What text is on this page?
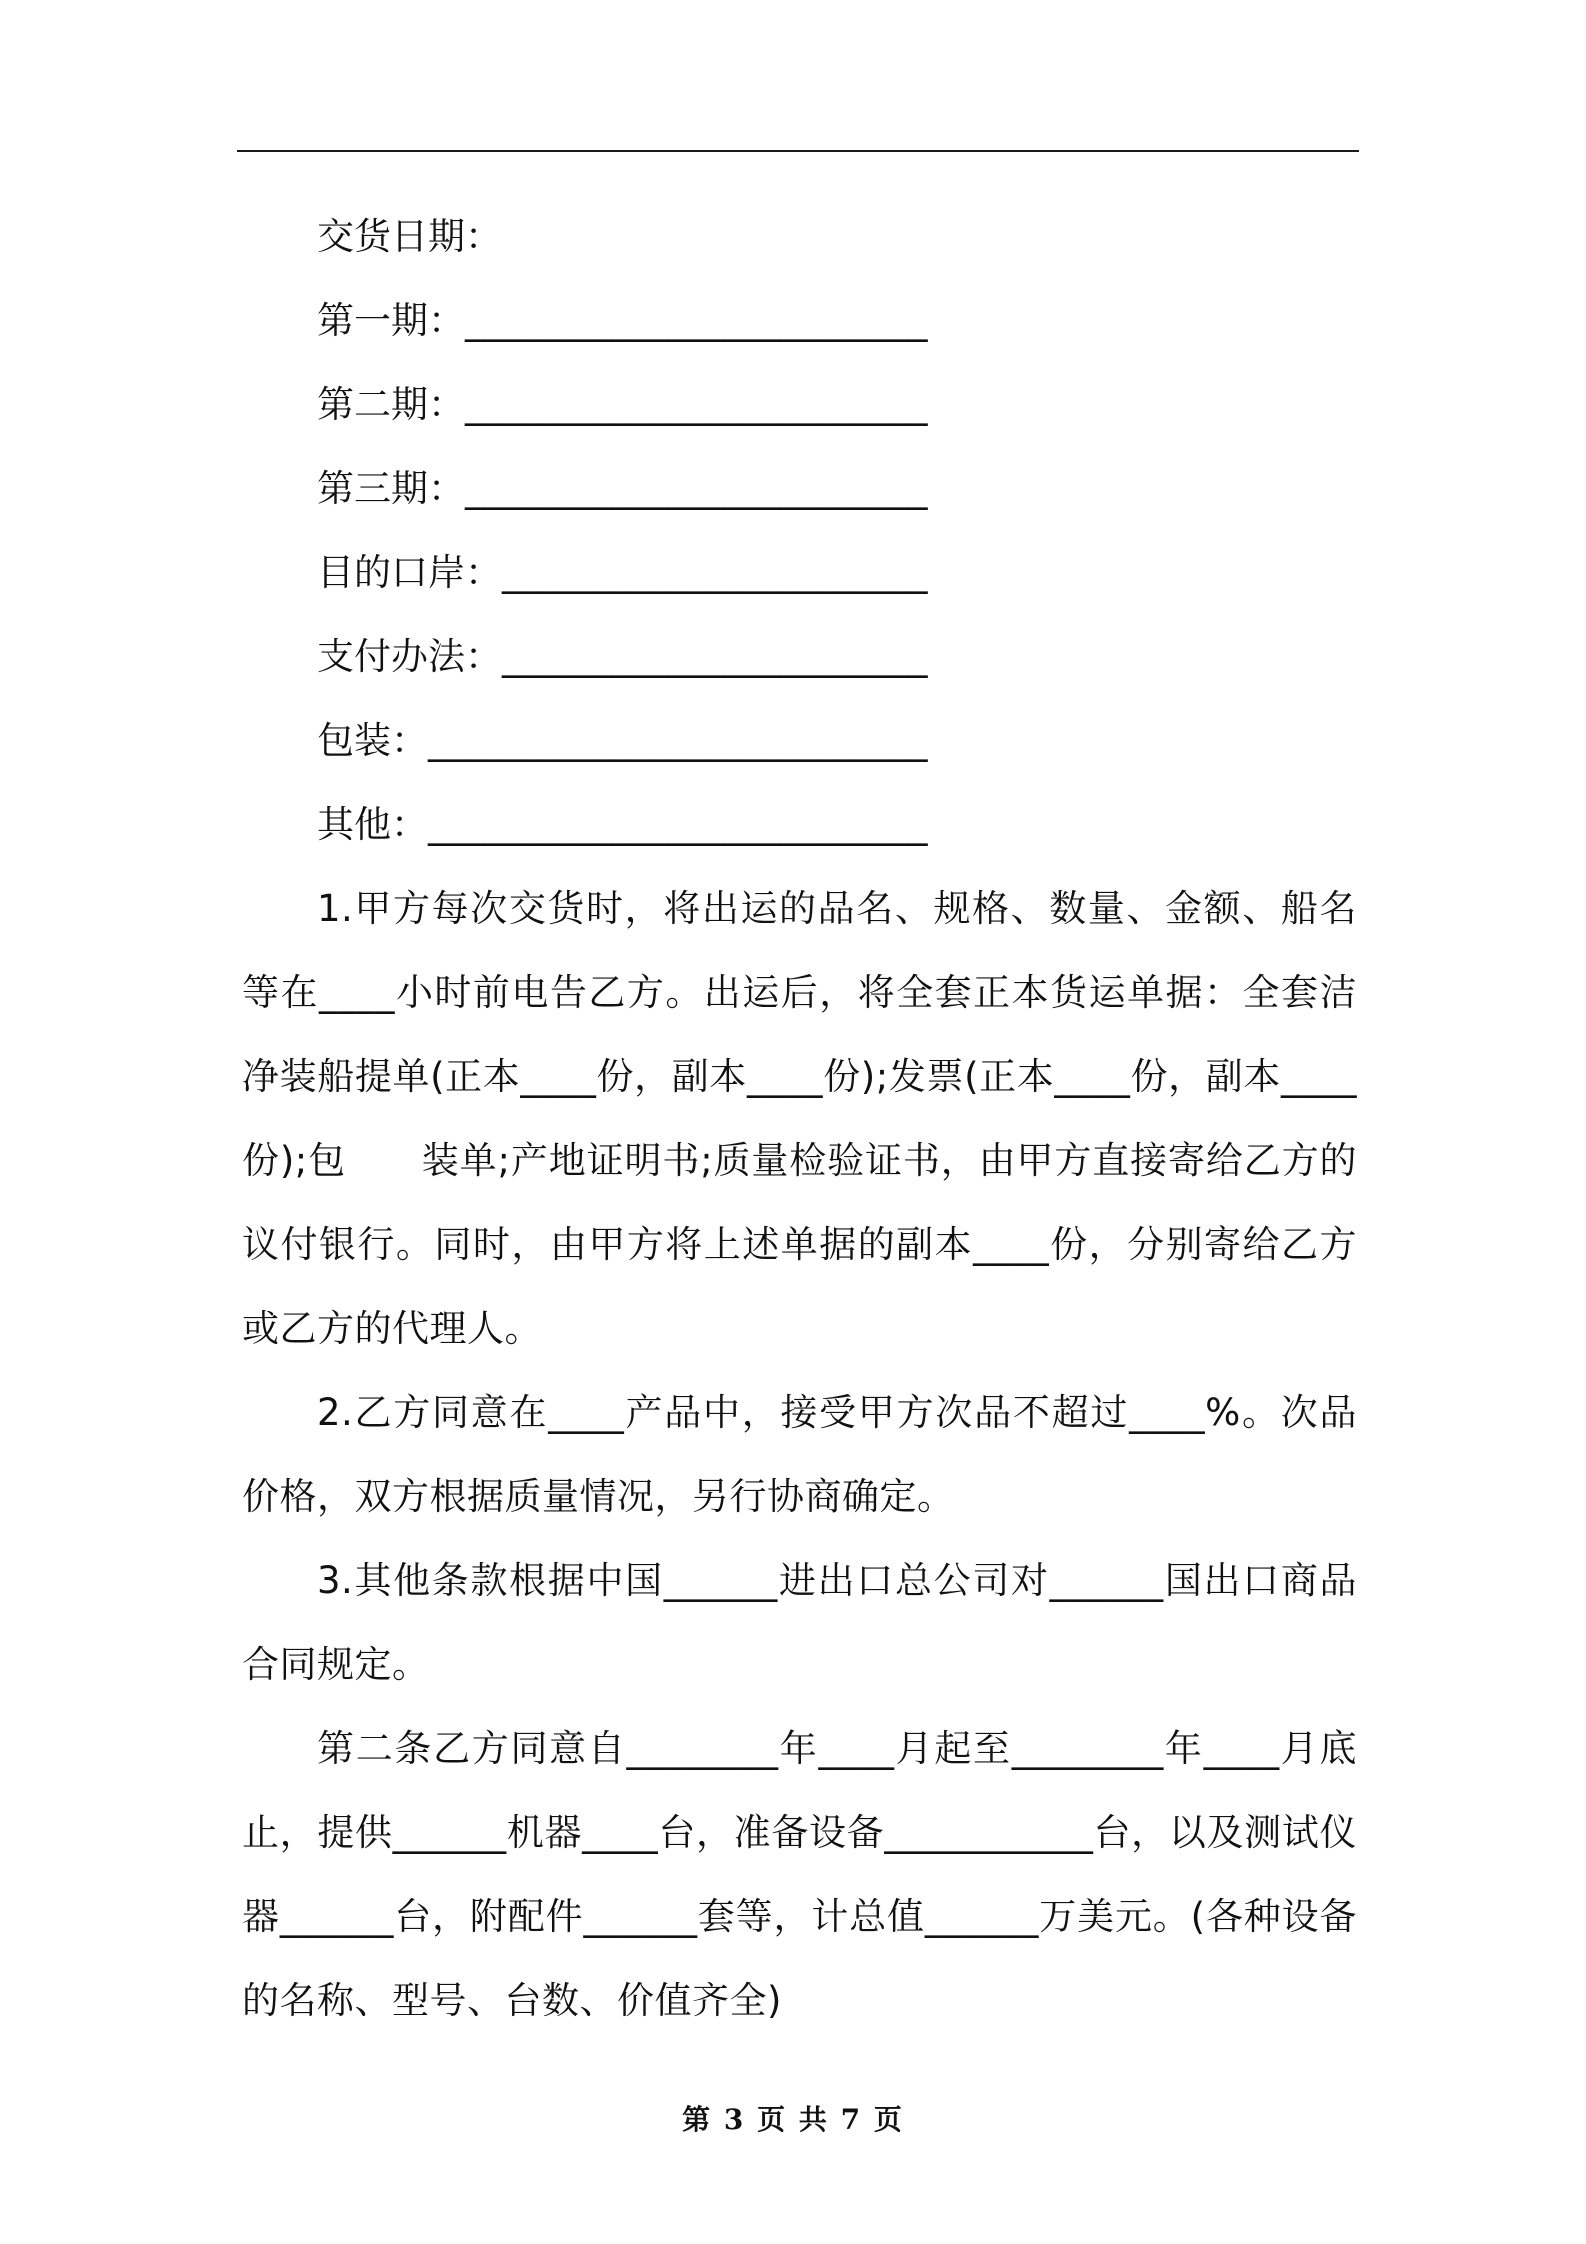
交货日期：

第一期：_________________________

第二期：_________________________

第三期：_________________________

目的口岸：_______________________

支付办法：_______________________

包装：___________________________

其他：___________________________

1.甲方每次交货时，将出运的品名、规格、数量、金额、船名等在____小时前电告乙方。出运后，将全套正本货运单据：全套洁净装船提单(正本____份，副本____份);发票(正本____份，副本____份);包　　装单;产地证明书;质量检验证书，由甲方直接寄给乙方的议付银行。同时，由甲方将上述单据的副本____份，分别寄给乙方或乙方的代理人。

2.乙方同意在____产品中，接受甲方次品不超过____%。次品价格，双方根据质量情况，另行协商确定。

3.其他条款根据中国______进出口总公司对______国出口商品合同规定。

第二条乙方同意自________年____月起至________年____月底止，提供______机器____台，准备设备___________台，以及测试仪器______台，附配件______套等，计总值______万美元。(各种设备的名称、型号、台数、价值齐全)

第 3 页 共 7 页
